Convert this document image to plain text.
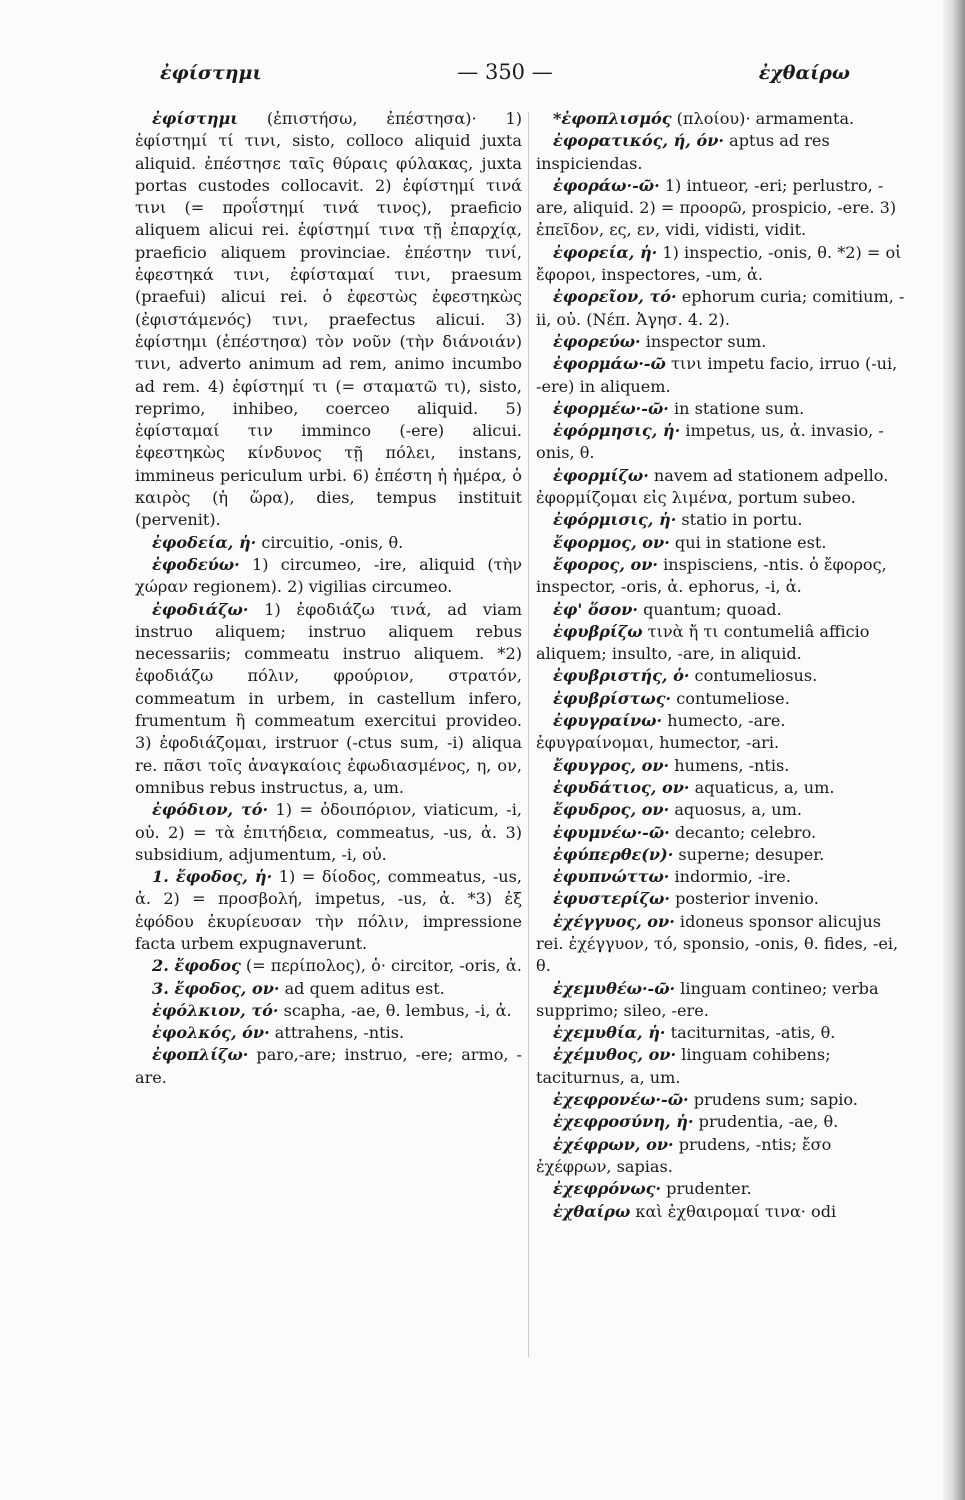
ἐφίστημι	— 350 —	ἐχθαίρω

ἐφίστημι (ἐπιστήσω, ἐπέστησα)· 1) ἐφίστημί τί τινι, sisto, colloco aliquid juxta aliquid. ἐπέστησε ταῖς θύραις φύλακας, juxta portas custodes collocavit. 2) ἐφίστημί τινά τινι (= προΐστημί τινά τινος), praeficio aliquem alicui rei. ἐφίστημί τινα τῇ ἐπαρχίᾳ, praeficio aliquem provinciae. ἐπέστην τινί, ἐφεστηκά τινι, ἐφίσταμαί τινι, praesum (praefui) alicui rei. ὁ ἐφεστὼς ἐφεστηκὼς (ἐφιστάμενός) τινι, praefectus alicui. 3) ἐφίστημι (ἐπέστησα) τὸν νοῦν (τὴν διάνοιάν) τινι, adverto animum ad rem, animo incumbo ad rem. 4) ἐφίστημί τι (= σταματῶ τι), sisto, reprimo, inhibeo, coerceo aliquid. 5) ἐφίσταμαί τιν imminco (-ere) alicui. ἐφεστηκὼς κίνδυνος τῇ πόλει, instans, immineus periculum urbi. 6) ἐπέστη ἡ ἡμέρα, ὁ καιρὸς (ἡ ὥρα), dies, tempus instituit (pervenit).

ἐφοδεία, ἡ· circuitio, -onis, θ.

ἐφοδεύω· 1) circumeo, -ire, aliquid (τὴν χώραν regionem). 2) vigilias circumeo.

ἐφοδιάζω· 1) ἐφοδιάζω τινά, ad viam instruo aliquem; instruo aliquem rebus necessariis; commeatu instruo aliquem. *2) ἐφοδιάζω πόλιν, φρούριον, στρατόν, commeatum in urbem, in castellum infero, frumentum ἢ commeatum exercitui provideo. 3) ἐφοδιάζομαι, irstruor (-ctus sum, -i) aliqua re. πᾶσι τοῖς ἀναγκαίοις ἐφωδιασμένος, η, ον, omnibus rebus instructus, a, um.

ἐφόδιον, τό· 1) = ὁδοιπόριον, viaticum, -i, οὐ. 2) = τὰ ἐπιτήδεια, commeatus, -us, ἀ. 3) subsidium, adjumentum, -i, οὐ.

1. ἔφοδος, ἡ· 1) = δίοδος, commeatus, -us, ἀ. 2) = προσβολή, impetus, -us, ἀ. *3) ἐξ ἐφόδου ἐκυρίευσαν τὴν πόλιν, impressione facta urbem expugnaverunt.

2. ἔφοδος (= περίπολος), ὁ· circitor, -oris, ἀ.

3. ἔφοδος, ον· ad quem aditus est.

ἐφόλκιον, τό· scapha, -ae, θ. lembus, -i, ἀ.

ἐφολκός, όν· attrahens, -ntis.

ἐφοπλίζω· paro,-are; instruo, -ere; armo, -are.

*ἐφοπλισμός (πλοίου)· armamenta.

ἐφορατικός, ή, όν· aptus ad res inspiciendas.

ἐφοράω·-ῶ· 1) intueor, -eri; perlustro, -are, aliquid. 2) = προορῶ, prospicio, -ere. 3) ἐπεῖδον, ες, εν, vidi, vidisti, vidit.

ἐφορεία, ἡ· 1) inspectio, -onis, θ. *2) = οἱ ἔφοροι, inspectores, -um, ἀ.

ἐφορεῖον, τό· ephorum curia; comitium, -ii, οὐ. (Νέπ. Ἀγησ. 4. 2).

ἐφορεύω· inspector sum.

ἐφορμάω·-ῶ τινι impetu facio, irruo (-ui, -ere) in aliquem.

ἐφορμέω·-ῶ· in statione sum.

ἐφόρμησις, ἡ· impetus, us, ἀ. invasio, -onis, θ.

ἐφορμίζω· navem ad stationem adpello. ἐφορμίζομαι εἰς λιμένα, portum subeo.

ἐφόρμισις, ἡ· statio in portu.

ἔφορμος, ον· qui in statione est.

ἔφορος, ον· inspisciens, -ntis. ὁ ἔφορος, inspector, -oris, ἀ. ephorus, -i, ἀ.

ἐφ' ὅσον· quantum; quoad.

ἐφυβρίζω τινὰ ἤ τι contumeliâ afficio aliquem; insulto, -are, in aliquid.

ἐφυβριστής, ὁ· contumeliosus.

ἐφυβρίστως· contumeliose.

ἐφυγραίνω· humecto, -are. ἐφυγραίνομαι, humector, -ari.

ἔφυγρος, ον· humens, -ntis.

ἐφυδάτιος, ον· aquaticus, a, um.

ἔφυδρος, ον· aquosus, a, um.

ἐφυμνέω·-ῶ· decanto; celebro.

ἐφύπερθε(ν)· superne; desuper.

ἐφυπνώττω· indormio, -ire.

ἐφυστερίζω· posterior invenio.

ἐχέγγυος, ον· idoneus sponsor alicujus rei. ἐχέγγυον, τό, sponsio, -onis, θ. fides, -ei, θ.

ἐχεμυθέω·-ῶ· linguam contineo; verba supprimo; sileo, -ere.

ἐχεμυθία, ἡ· taciturnitas, -atis, θ.

ἐχέμυθος, ον· linguam cohibens; taciturnus, a, um.

ἐχεφρονέω·-ῶ· prudens sum; sapio.

ἐχεφροσύνη, ἡ· prudentia, -ae, θ.

ἐχέφρων, ον· prudens, -ntis; ἔσο ἐχέφρων, sapias.

ἐχεφρόνως· prudenter.

ἐχθαίρω καὶ ἐχθαιρομαί τινα· odi
